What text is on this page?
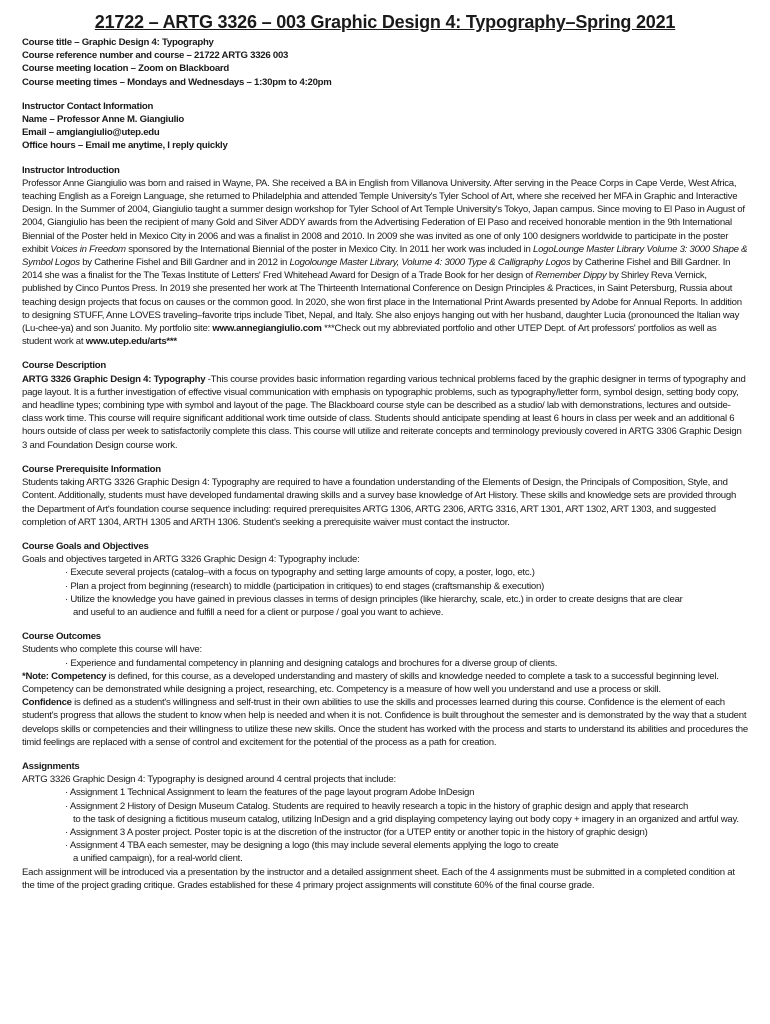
21722 – ARTG 3326 – 003 Graphic Design 4: Typography–Spring 2021

Course title – Graphic Design 4: Typography

Course reference number and course – 21722 ARTG 3326 003

Course meeting location – Zoom on Blackboard

Course meeting times – Mondays and Wednesdays – 1:30pm to 4:20pm

Instructor Contact Information

Name – Professor Anne M. Giangiulio

Email – amgiangiulio@utep.edu

Office hours – Email me anytime, I reply quickly

Instructor Introduction

Professor Anne Giangiulio was born and raised in Wayne, PA. She received a BA in English from Villanova University. After serving in the Peace Corps in Cape Verde, West Africa, teaching English as a Foreign Language, she returned to Philadelphia and attended Temple University's Tyler School of Art, where she received her MFA in Graphic and Interactive Design. In the Summer of 2004, Giangiulio taught a summer design workshop for Tyler School of Art Temple University's Tokyo, Japan campus. Since moving to El Paso in August of 2004, Giangiulio has been the recipient of many Gold and Silver ADDY awards from the Advertising Federation of El Paso and received honorable mention in the 9th International Biennial of the Poster held in Mexico City in 2006 and was a finalist in 2008 and 2010. In 2009 she was invited as one of only 100 designers worldwide to participate in the poster exhibit Voices in Freedom sponsored by the International Biennial of the poster in Mexico City. In 2011 her work was included in LogoLounge Master Library Volume 3: 3000 Shape & Symbol Logos by Catherine Fishel and Bill Gardner and in 2012 in Logolounge Master Library, Volume 4: 3000 Type & Calligraphy Logos by Catherine Fishel and Bill Gardner. In 2014 she was a finalist for the The Texas Institute of Letters' Fred Whitehead Award for Design of a Trade Book for her design of Remember Dippy by Shirley Reva Vernick, published by Cinco Puntos Press. In 2019 she presented her work at The Thirteenth International Conference on Design Principles & Practices, in Saint Petersburg, Russia about teaching design projects that focus on causes or the common good. In 2020, she won first place in the International Print Awards presented by Adobe for Annual Reports. In addition to designing STUFF, Anne LOVES traveling–favorite trips include Tibet, Nepal, and Italy. She also enjoys hanging out with her husband, daughter Lucia (pronounced the Italian way (Lu-chee-ya) and son Juanito. My portfolio site: www.annegiangiulio.com ***Check out my abbreviated portfolio and other UTEP Dept. of Art professors' portfolios as well as student work at www.utep.edu/arts***

Course Description

ARTG 3326 Graphic Design 4: Typography -This course provides basic information regarding various technical problems faced by the graphic designer in terms of typography and page layout. It is a further investigation of effective visual communication with emphasis on typographic problems, such as typography/letter form, symbol design, setting body copy, and headline types; combining type with symbol and layout of the page. The Blackboard course style can be described as a studio/ lab with demonstrations, lectures and outside-class work time. This course will require significant additional work time outside of class. Students should anticipate spending at least 6 hours in class per week and an additional 6 hours outside of class per week to satisfactorily complete this class. This course will utilize and reiterate concepts and terminology previously covered in ARTG 3306 Graphic Design 3 and Foundation Design course work.

Course Prerequisite Information

Students taking ARTG 3326 Graphic Design 4: Typography are required to have a foundation understanding of the Elements of Design, the Principals of Composition, Style, and Content. Additionally, students must have developed fundamental drawing skills and a survey base knowledge of Art History. These skills and knowledge sets are provided through the Department of Art's foundation course sequence including: required prerequisites ARTG 1306, ARTG 2306, ARTG 3316, ART 1301, ART 1302, ART 1303, and suggested completion of ART 1304, ARTH 1305 and ARTH 1306. Student's seeking a prerequisite waiver must contact the instructor.

Course Goals and Objectives

Goals and objectives targeted in ARTG 3326 Graphic Design 4: Typography include:

· Execute several projects (catalog–with a focus on typography and setting large amounts of copy, a poster, logo, etc.)

· Plan a project from beginning (research) to middle (participation in critiques) to end stages (craftsmanship & execution)

· Utilize the knowledge you have gained in previous classes in terms of design principles (like hierarchy, scale, etc.) in order to create designs that are clear
and useful to an audience and fulfill a need for a client or purpose / goal you want to achieve.

Course Outcomes

Students who complete this course will have:

· Experience and fundamental competency in planning and designing catalogs and brochures for a diverse group of clients.

*Note: Competency is defined, for this course, as a developed understanding and mastery of skills and knowledge needed to complete a task to a successful beginning level. Competency can be demonstrated while designing a project, researching, etc. Competency is a measure of how well you understand and use a process or skill.

Confidence is defined as a student's willingness and self-trust in their own abilities to use the skills and processes learned during this course. Confidence is the element of each student's progress that allows the student to know when help is needed and when it is not. Confidence is built throughout the semester and is demonstrated by the way that a student develops skills or competencies and their willingness to utilize these new skills. Once the student has worked with the process and starts to understand its abilities and procedures the timid feelings are replaced with a sense of control and excitement for the potential of the process as a path for creation.

Assignments

ARTG 3326 Graphic Design 4: Typography is designed around 4 central projects that include:

· Assignment 1 Technical Assignment to learn the features of the page layout program Adobe InDesign

· Assignment 2 History of Design Museum Catalog. Students are required to heavily research a topic in the history of graphic design and apply that research
to the task of designing a fictitious museum catalog, utilizing InDesign and a grid displaying competency laying out body copy + imagery in an organized and artful way.

· Assignment 3 A poster project. Poster topic is at the discretion of the instructor (for a UTEP entity or another topic in the history of graphic design)

· Assignment 4 TBA each semester, may be designing a logo (this may include several elements applying the logo to create
a unified campaign), for a real-world client.

Each assignment will be introduced via a presentation by the instructor and a detailed assignment sheet. Each of the 4 assignments must be submitted in a completed condition at the time of the project grading critique. Grades established for these 4 primary project assignments will constitute 60% of the final course grade.
